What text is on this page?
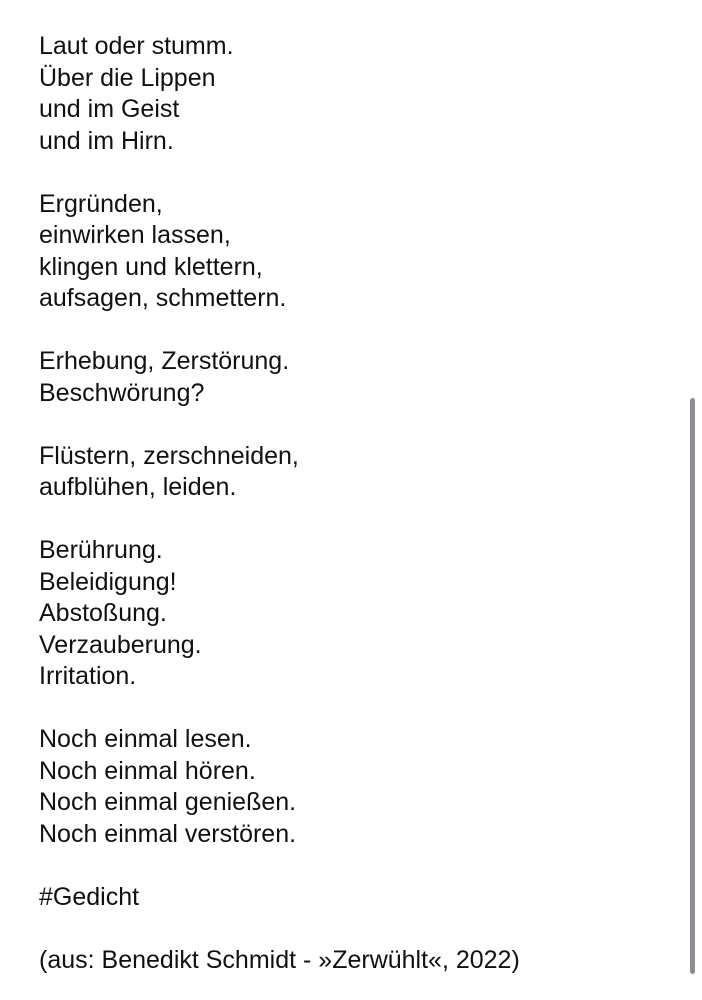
Laut oder stumm.
Über die Lippen
und im Geist
und im Hirn.
Ergründen,
einwirken lassen,
klingen und klettern,
aufsagen, schmettern.
Erhebung, Zerstörung.
Beschwörung?
Flüstern, zerschneiden,
aufblühen, leiden.
Berührung.
Beleidigung!
Abstoßung.
Verzauberung.
Irritation.
Noch einmal lesen.
Noch einmal hören.
Noch einmal genießen.
Noch einmal verstören.
#Gedicht
(aus: Benedikt Schmidt - »Zerwühlt«, 2022)
